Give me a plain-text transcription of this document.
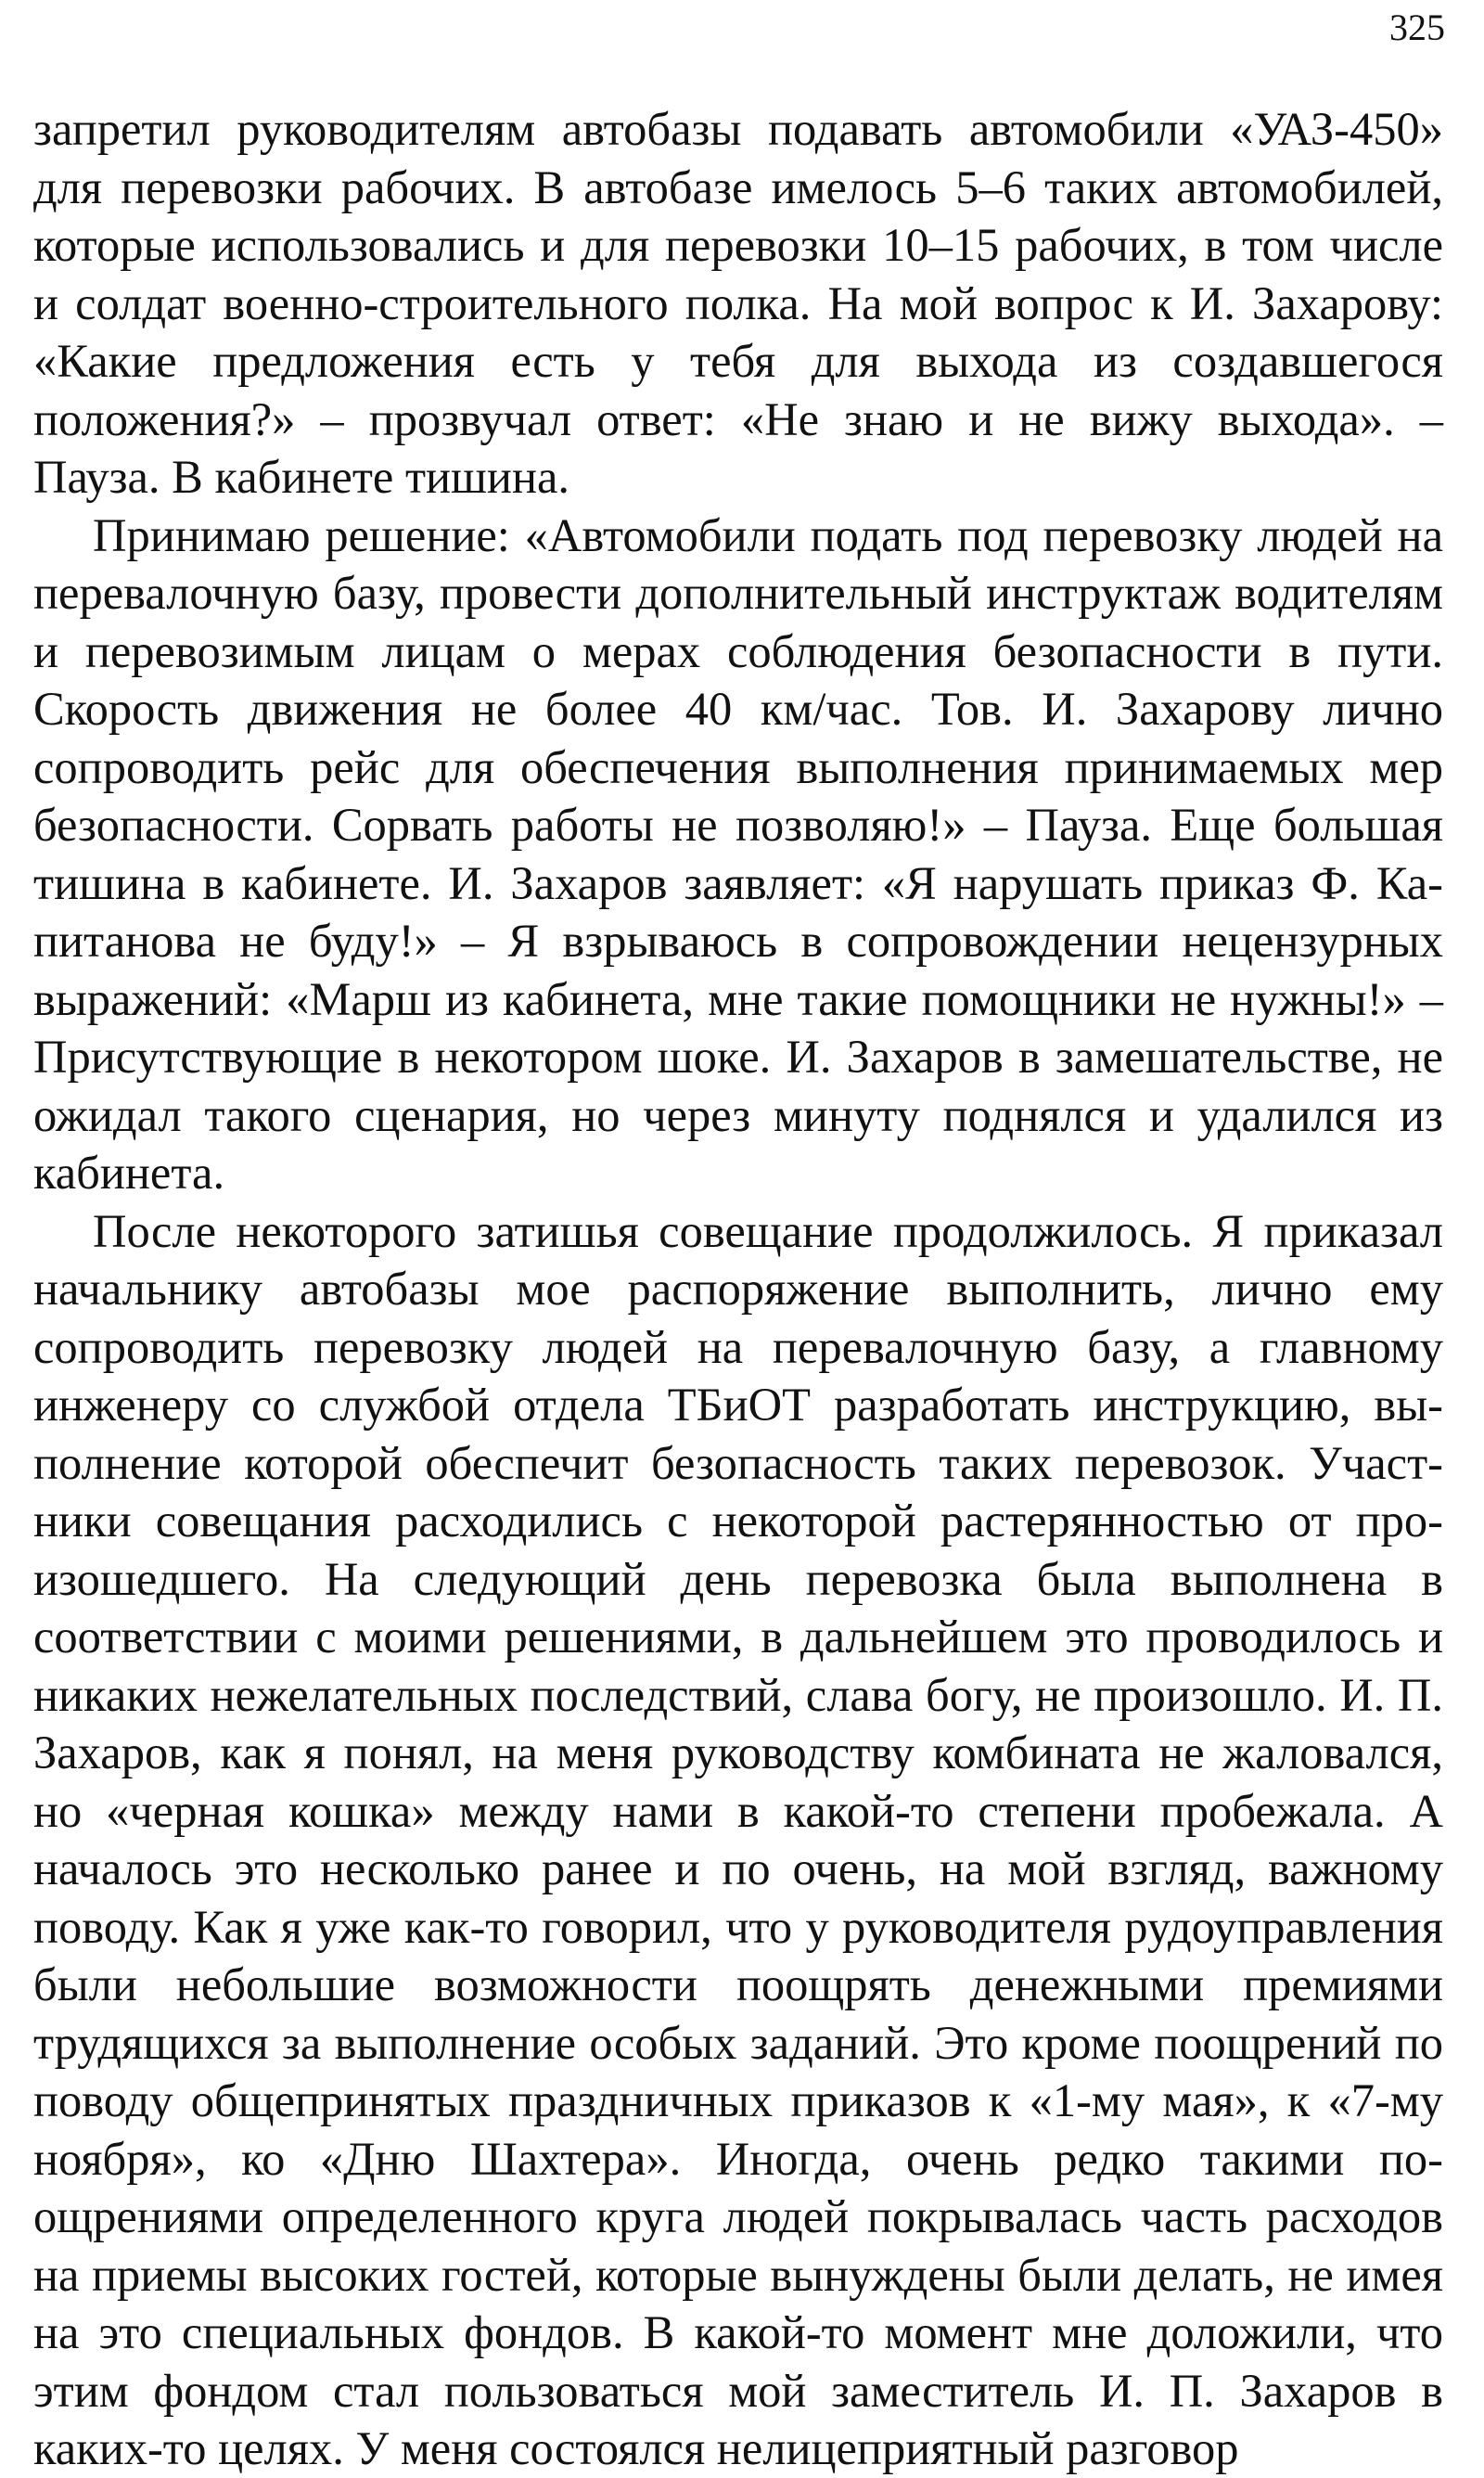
325

запретил руководителям автобазы подавать автомобили «УАЗ-450» для перевозки рабочих. В автобазе имелось 5–6 таких автомобилей, которые использовались и для перевозки 10–15 рабочих, в том числе и солдат военно-строительного полка. На мой вопрос к И. Захарову: «Какие предложения есть у тебя для выхода из создавшегося положения?» – прозвучал ответ: «Не знаю и не вижу выхода». – Пауза. В кабинете тишина.

Принимаю решение: «Автомобили подать под перевозку людей на перевалочную базу, провести дополнительный инструктаж водителям и перевозимым лицам о мерах соблюдения безопасности в пути. Скорость движения не более 40 км/час. Тов. И. Захарову лично сопроводить рейс для обеспечения выполнения принимаемых мер безопасности. Сорвать работы не позволяю!» – Пауза. Еще большая тишина в кабинете. И. Захаров заявляет: «Я нарушать приказ Ф. Капитанова не буду!» – Я взрываюсь в сопровождении нецензурных выражений: «Марш из кабинета, мне такие помощники не нужны!» – Присутствующие в некотором шоке. И. Захаров в замешательстве, не ожидал такого сценария, но через минуту поднялся и удалился из кабинета.

После некоторого затишья совещание продолжилось. Я приказал начальнику автобазы мое распоряжение выполнить, лично ему сопроводить перевозку людей на перевалочную базу, а главному инженеру со службой отдела ТБиОТ разработать инструкцию, выполнение которой обеспечит безопасность таких перевозок. Участники совещания расходились с некоторой растерянностью от произошедшего. На следующий день перевозка была выполнена в соответствии с моими решениями, в дальнейшем это проводилось и никаких нежелательных последствий, слава богу, не произошло. И. П. Захаров, как я понял, на меня руководству комбината не жаловался, но «черная кошка» между нами в какой-то степени пробежала. А началось это несколько ранее и по очень, на мой взгляд, важному поводу. Как я уже как-то говорил, что у руководителя рудоуправления были небольшие возможности поощрять денежными премиями трудящихся за выполнение особых заданий. Это кроме поощрений по поводу общепринятых праздничных приказов к «1-му мая», к «7-му ноября», ко «Дню Шахтера». Иногда, очень редко такими поощрениями определенного круга людей покрывалась часть расходов на приемы высоких гостей, которые вынуждены были делать, не имея на это специальных фондов. В какой-то момент мне доложили, что этим фондом стал пользоваться мой заместитель И. П. Захаров в каких-то целях. У меня состоялся нелицеприятный разговор
